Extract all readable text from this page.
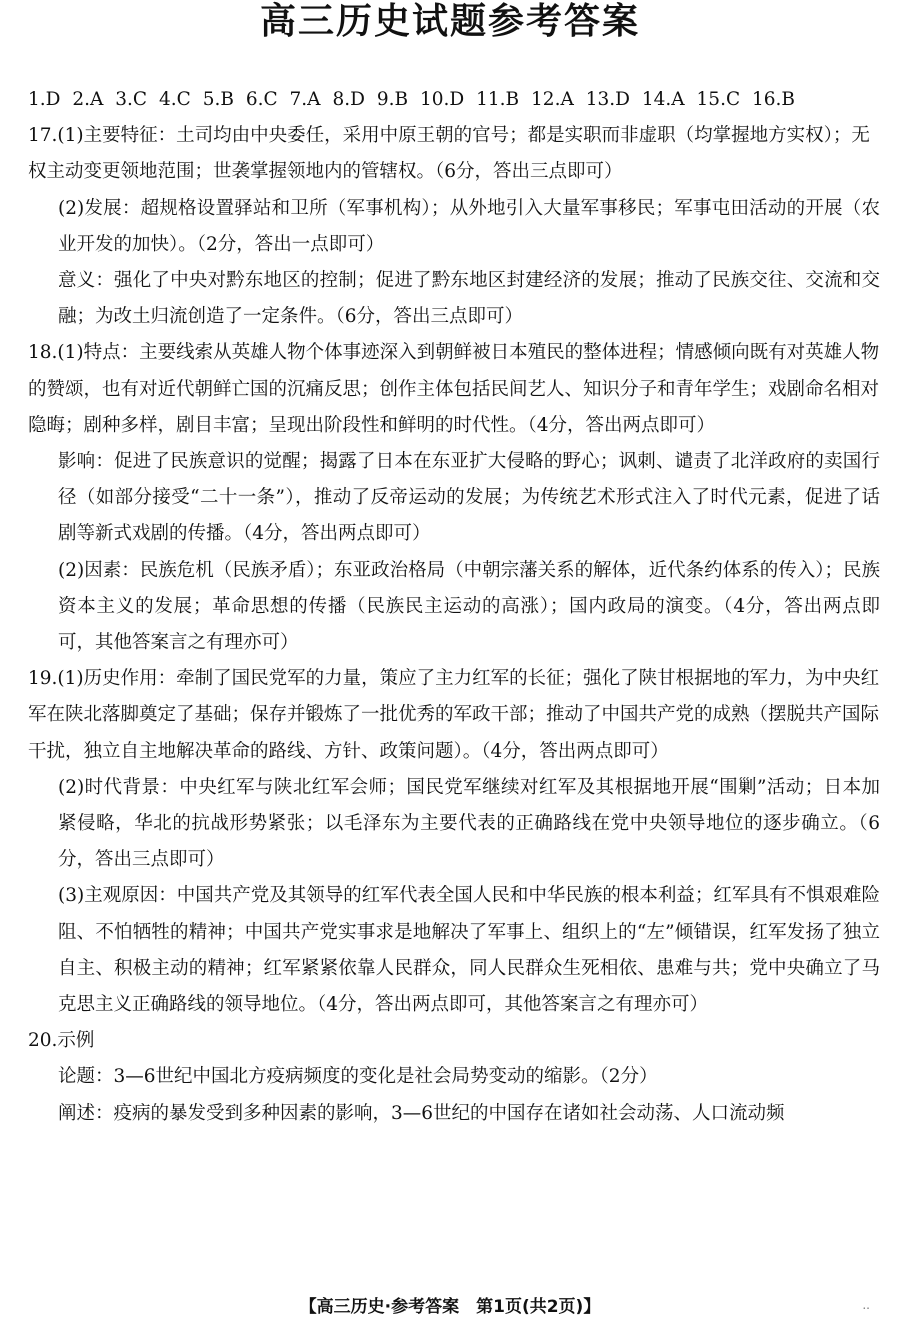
高三历史试题参考答案
1.D 2.A 3.C 4.C 5.B 6.C 7.A 8.D 9.B 10.D 11.B 12.A 13.D 14.A 15.C 16.B
17.(1)主要特征：土司均由中央委任，采用中原王朝的官号；都是实职而非虚职（均掌握地方实权）；无权主动变更领地范围；世袭掌握领地内的管辖权。（6分，答出三点即可）
(2)发展：超规格设置驿站和卫所（军事机构）；从外地引入大量军事移民；军事屯田活动的开展（农业开发的加快）。（2分，答出一点即可）
意义：强化了中央对黔东地区的控制；促进了黔东地区封建经济的发展；推动了民族交往、交流和交融；为改土归流创造了一定条件。（6分，答出三点即可）
18.(1)特点：主要线索从英雄人物个体事迹深入到朝鲜被日本殖民的整体进程；情感倾向既有对英雄人物的赞颂，也有对近代朝鲜亡国的沉痛反思；创作主体包括民间艺人、知识分子和青年学生；戏剧命名相对隐晦；剧种多样，剧目丰富；呈现出阶段性和鲜明的时代性。（4分，答出两点即可）
影响：促进了民族意识的觉醒；揭露了日本在东亚扩大侵略的野心；讽刺、谴责了北洋政府的卖国行径（如部分接受“二十一条”），推动了反帝运动的发展；为传统艺术形式注入了时代元素，促进了话剧等新式戏剧的传播。（4分，答出两点即可）
(2)因素：民族危机（民族矛盾）；东亚政治格局（中朝宗藩关系的解体，近代条约体系的传入）；民族资本主义的发展；革命思想的传播（民族民主运动的高涨）；国内政局的演变。（4分，答出两点即可，其他答案言之有理亦可）
19.(1)历史作用：牵制了国民党军的力量，策应了主力红军的长征；强化了陕甘根据地的军力，为中央红军在陕北落脚奠定了基础；保存并锻炼了一批优秀的军政干部；推动了中国共产党的成熟（摆脱共产国际干扰，独立自主地解决革命的路线、方针、政策问题）。（4分，答出两点即可）
(2)时代背景：中央红军与陕北红军会师；国民党军继续对红军及其根据地开展“围剿”活动；日本加紧侵略，华北的抗战形势紧张；以毛泽东为主要代表的正确路线在党中央领导地位的逐步确立。（6分，答出三点即可）
(3)主观原因：中国共产党及其领导的红军代表全国人民和中华民族的根本利益；红军具有不惧艰难险阻、不怕牺牲的精神；中国共产党实事求是地解决了军事上、组织上的“左”倾错误，红军发扬了独立自主、积极主动的精神；红军紧紧依靠人民群众，同人民群众生死相依、患难与共；党中央确立了马克思主义正确路线的领导地位。（4分，答出两点即可，其他答案言之有理亦可）
20.示例
论题：3—6世纪中国北方疫病频度的变化是社会局势变动的缩影。（2分）
阐述：疫病的暴发受到多种因素的影响，3—6世纪的中国存在诸如社会动荡、人口流动频
【高三历史·参考答案　第1页(共2页)】	..
